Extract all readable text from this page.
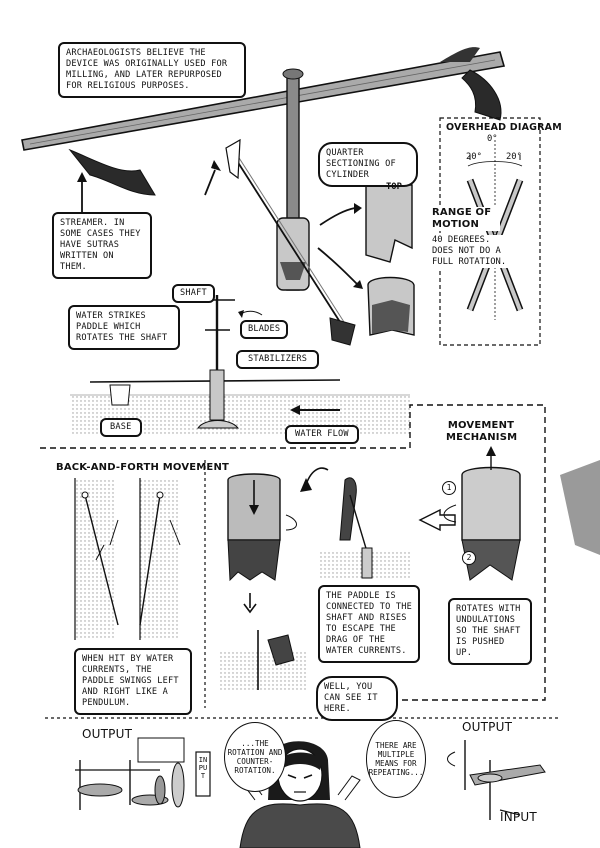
ARCHAEOLOGISTS BELIEVE THE DEVICE WAS ORIGINALLY USED FOR MILLING, AND LATER REPURPOSED FOR RELIGIOUS PURPOSES.
STREAMER. IN SOME CASES THEY HAVE SUTRAS WRITTEN ON THEM.
WATER STRIKES PADDLE WHICH ROTATES THE SHAFT
QUARTER SECTIONING OF CYLINDER
TOP
SHAFT
BLADES
STABILIZERS
BASE
WATER FLOW
OVERHEAD DIAGRAM
0°
20°	20°
RANGE OF MOTION
40 DEGREES. DOES NOT DO A FULL ROTATION.
BACK-AND-FORTH MOVEMENT
MOVEMENT MECHANISM
THE PADDLE IS CONNECTED TO THE SHAFT AND RISES TO ESCAPE THE DRAG OF THE WATER CURRENTS.
ROTATES WITH UNDULATIONS SO THE SHAFT IS PUSHED UP.
WHEN HIT BY WATER CURRENTS, THE PADDLE SWINGS LEFT AND RIGHT LIKE A PENDULUM.
WELL, YOU CAN SEE IT HERE.
1
2
OUTPUT	OUTPUT
INPUT
INPUT
...THE ROTATION AND COUNTER-ROTATION.
THERE ARE MULTIPLE MEANS FOR REPEATING...
